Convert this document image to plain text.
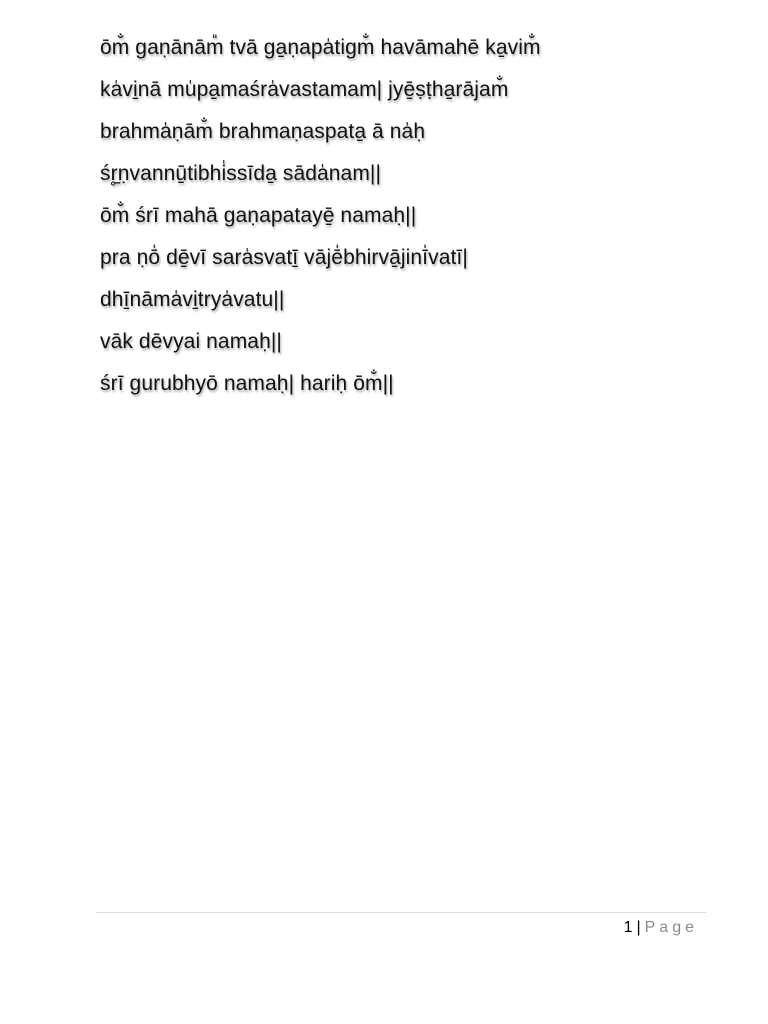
ōm̐ gaṇānām̎ tvā ga̱ṇapa̍tigm̐ havāmahē ka̱vim̐
ka̍vi̱nā mu̍pa̱maśra̍vastamam| jyē̱ṣṭha̱rājam̐
brahma̍ṇām̐ brahmaṇaspata̱ ā na̍ḥ
śr̥̱ṇvannū̱tibhi̍ssīda̱ sāda̍nam||
ōm̐ śrī mahā gaṇapatayē̱ namaḥ||
pra ṇō̍ dē̱vī sara̍svatī̱ vājē̍bhirvā̱jinī̍vatī|
dhī̱nāma̍vi̱trya̍vatu||
vāk dēvyai namaḥ||
śrī gurubhyō namaḥ| hariḥ ōm̐||
1 | Page
